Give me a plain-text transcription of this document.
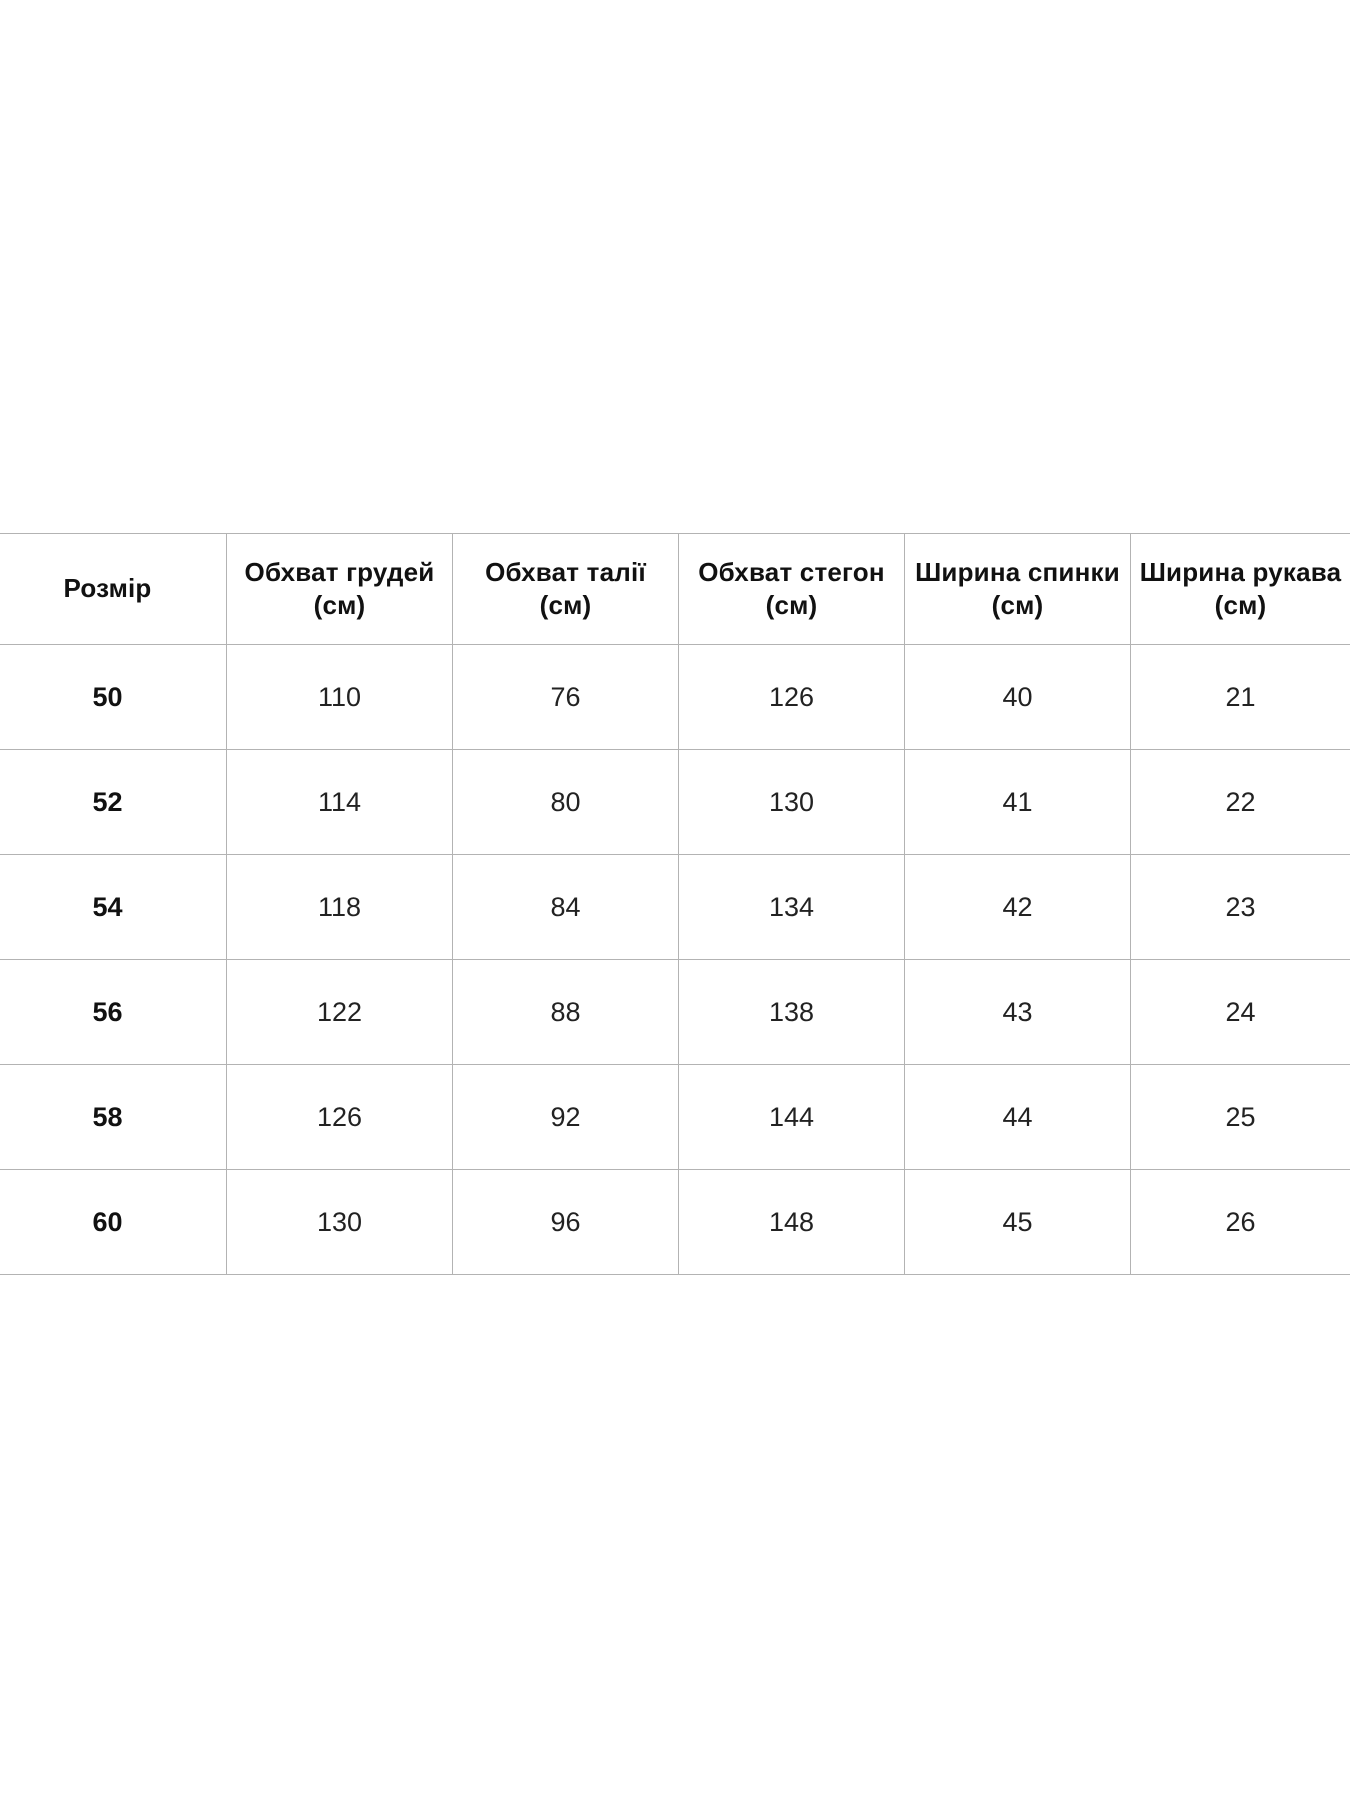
Розмір	Обхват грудей (см)	Обхват талії (см)	Обхват стегон (см)	Ширина спинки (см)	Ширина рукава (см)
50	110	76	126	40	21
52	114	80	130	41	22
54	118	84	134	42	23
56	122	88	138	43	24
58	126	92	144	44	25
60	130	96	148	45	26
